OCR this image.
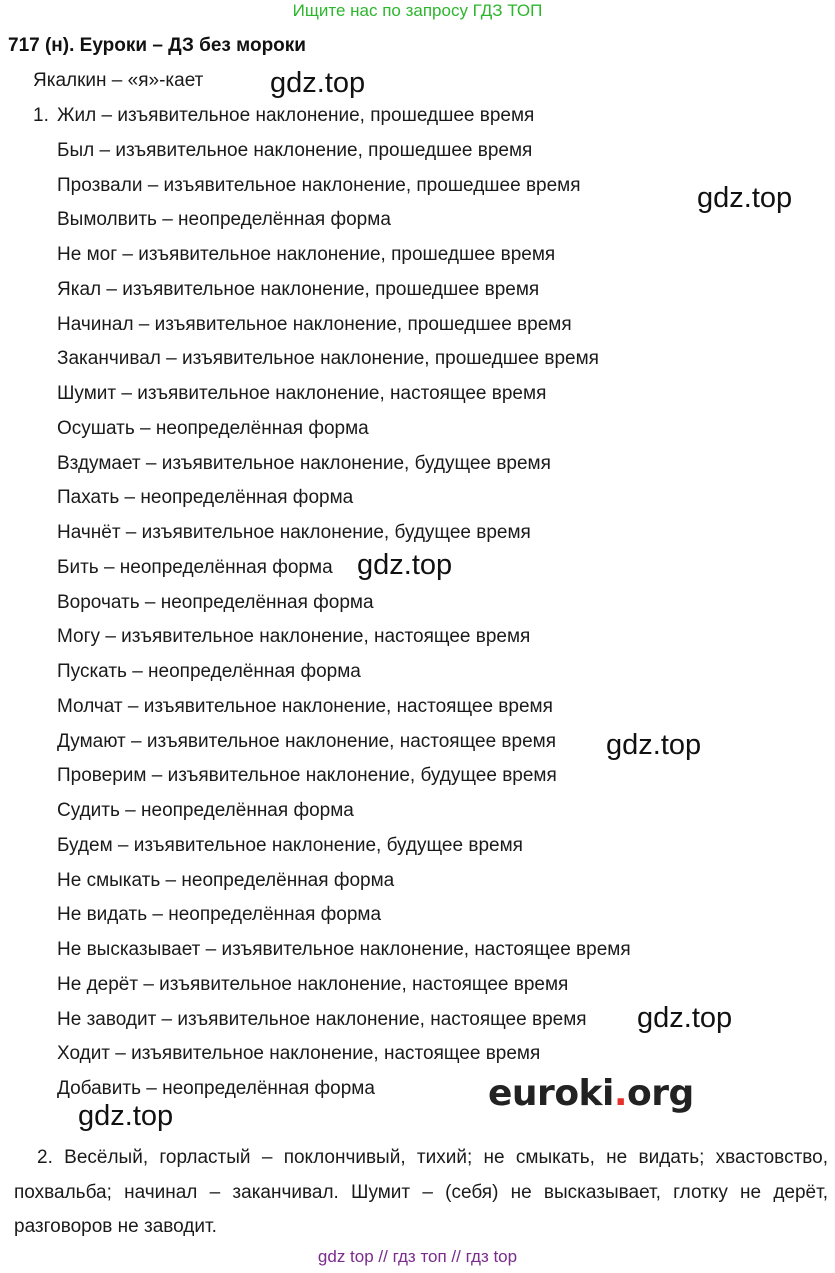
Ищите нас по запросу ГДЗ ТОП
717 (н). Еуроки – ДЗ без мороки
Якалкин – «я»-кает
1. Жил – изъявительное наклонение, прошедшее время
Был – изъявительное наклонение, прошедшее время
Прозвали – изъявительное наклонение, прошедшее время
Вымолвить – неопределённая форма
Не мог – изъявительное наклонение, прошедшее время
Якал – изъявительное наклонение, прошедшее время
Начинал – изъявительное наклонение, прошедшее время
Заканчивал – изъявительное наклонение, прошедшее время
Шумит – изъявительное наклонение, настоящее время
Осушать – неопределённая форма
Вздумает – изъявительное наклонение, будущее время
Пахать – неопределённая форма
Начнёт – изъявительное наклонение, будущее время
Бить – неопределённая форма
Ворочать – неопределённая форма
Могу – изъявительное наклонение, настоящее время
Пускать – неопределённая форма
Молчат – изъявительное наклонение, настоящее время
Думают – изъявительное наклонение, настоящее время
Проверим – изъявительное наклонение, будущее время
Судить – неопределённая форма
Будем – изъявительное наклонение, будущее время
Не смыкать – неопределённая форма
Не видать – неопределённая форма
Не высказывает – изъявительное наклонение, настоящее время
Не дерёт – изъявительное наклонение, настоящее время
Не заводит – изъявительное наклонение, настоящее время
Ходит – изъявительное наклонение, настоящее время
Добавить – неопределённая форма
2. Весёлый, горластый – поклончивый, тихий; не смыкать, не видать; хвастовство, похвальба; начинал – заканчивал. Шумит – (себя) не высказывает, глотку не дерёт, разговоров не заводит.
gdz.top
gdz.top
gdz.top
gdz.top
gdz.top
gdz.top
euroki.org
gdz top // гдз топ // гдз top
